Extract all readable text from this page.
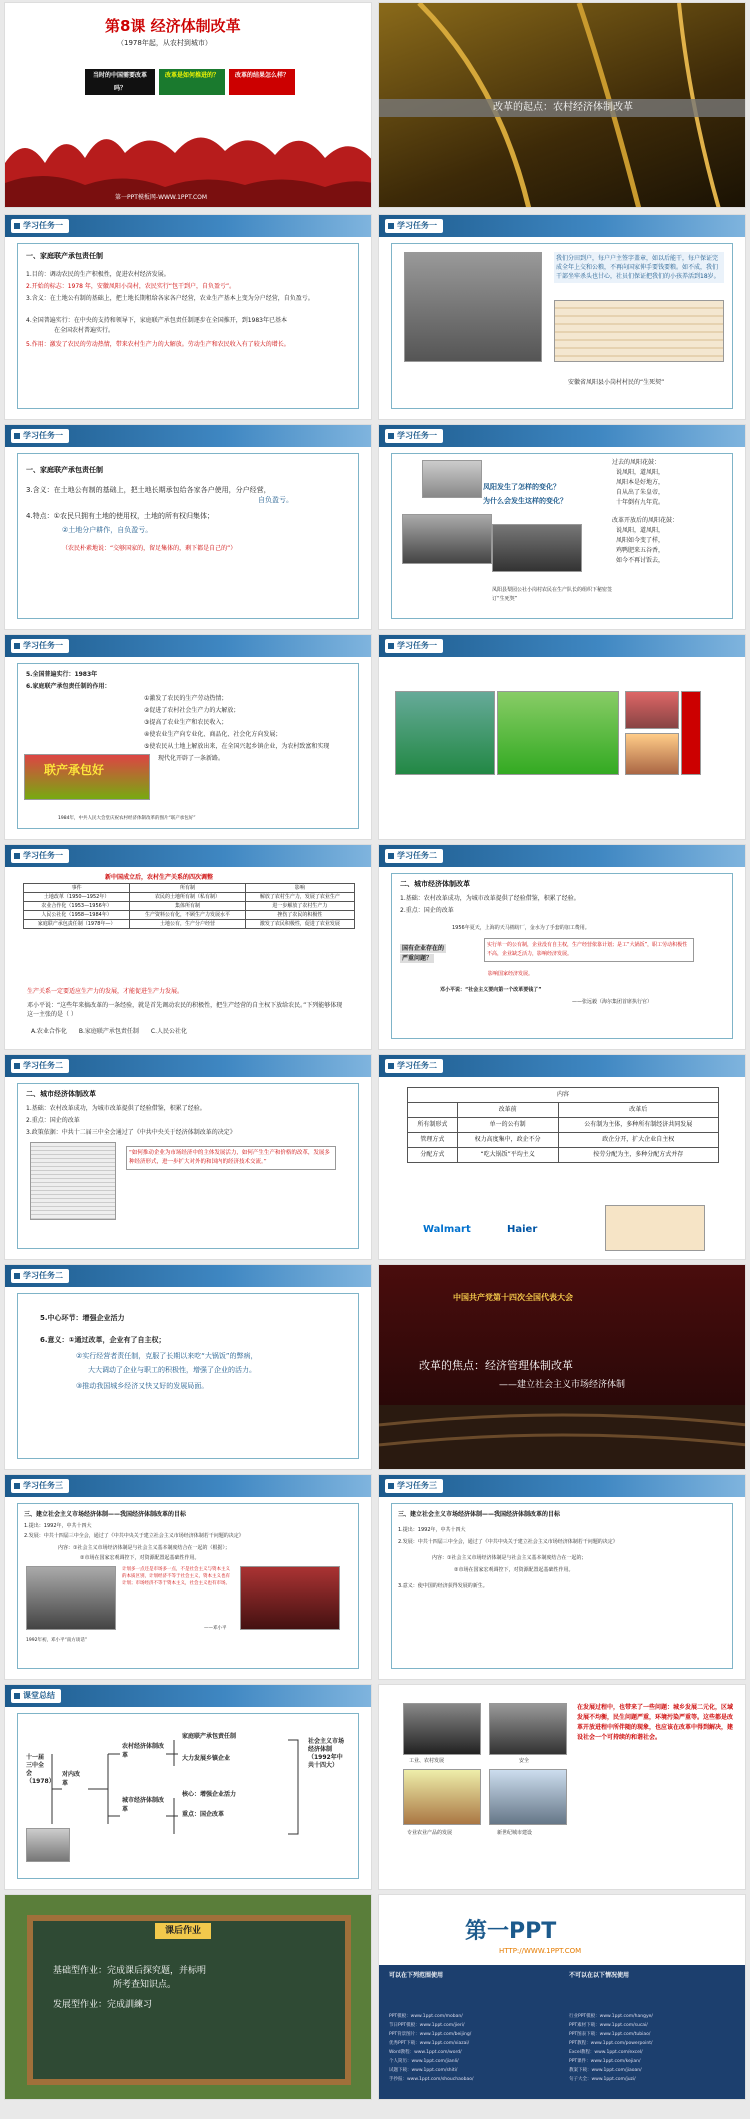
第8课 经济体制改革
（1978年起，从农村到城市）
当时的中国需要改革吗？
改革是如何推进的？	改革的结果怎么样？
第一PPT模板网-WWW.1PPT.COM
改革的起点：农村经济体制改革
学习任务一
一、家庭联产承包责任制
1.目的：调动农民的生产积极性，促进农村经济发展。
2.开始的标志：1978 年，安徽凤阳小岗村，农民实行“包干到户，自负盈亏”。
3.含义：在土地公有制的基础上，把土地长期租给各家各户经营，农业生产基本上变为分户经营，自负盈亏。
4.全国普遍实行：在中央的支持和领导下，家庭联产承包责任制逐步在全国推开，到1983年已基本
在全国农村普遍实行。
5.作用：激发了农民的劳动热情，带来农村生产力的大解放。劳动生产和农民收入有了较大的增长。
学习任务一
我们分田到户，每户户主签字盖章，如以后能干，每户保证完成全年上交和公粮，不再向国家伸手要钱要粮。如不成，我们干部坐牢杀头也甘心，社员们保证把我们的小孩养活到18岁。
安徽省凤阳县小岗村村民的“生死契”
学习任务一
一、家庭联产承包责任制
3.含义：在土地公有制的基础上，把土地长期承包给各家各户使用，分户经营，
自负盈亏。
4.特点：①农民只拥有土地的使用权，土地的所有权归集体；
②土地分户耕作，自负盈亏。
（农民朴素地说：“交够国家的，留足集体的，剩下都是自己的”）
学习任务一
凤阳发生了怎样的变化？
为什么会发生这样的变化？
过去的凤阳花鼓：
说凤阳，道凤阳，
凤阳本是好地方，
自从出了朱皇帝，
十年倒有九年荒。
改革开放后的凤阳花鼓：
说凤阳，道凤阳，
凤阳如今变了样，
鸡鸭肥来五谷香，
如今不再讨饭去，
凤阳县梨园公社小岗村农民在生产队长的组织下秘密签订“生死契”
学习任务一
5.全国普遍实行：1983年
6.家庭联产承包责任制的作用：
①激发了农民的生产劳动热情；
②促进了农村社会生产力的大解放；
③提高了农业生产和农民收入；
④使农业生产向专业化、商品化、社会化方向发展；
⑤使农民从土地上解放出来，在全国兴起乡镇企业，为农村致富和实现
现代化开辟了一条新路。
联产承包好
1984年，中共人民大会堂庆祝农村经济体制改革的图片“联产承包好”
学习任务一
学习任务一
新中国成立后，农村生产关系的四次调整
事件	所有制	影响
土地改革（1950—1952年）	农民的土地所有制（私有制）	解放了农村生产力，发展了农业生产
农业合作化（1953—1956年）	集体所有制	进一步解放了农村生产力
人民公社化（1958—1984年）	生产资料公有化，不顾生产力发展水平	挫伤了农民的积极性
家庭联产承包责任制（1978年—）	土地公有，生产分户经营	激发了农民积极性，促进了农业发展
生产关系一定要适应生产力的发展，才能促进生产力发展。
邓小平说：“这些年来搞改革的一条经验，就是首先调动农民的积极性，把生产经营的自主权下放给农民。”下列能够体现这一主张的是（ ）
A.农业合作化　　B.家庭联产承包责任制　　C.人民公社化
学习任务二
二、城市经济体制改革
1.基础：农村改革成功，为城市改革提供了经验借鉴，积累了经验。
2.重点：国企的改革
1956年夏天，上海的天马棉纺厂，金水为了手套的加工费用。
国有企业存在的
严重问题？
实行单一的公有制，企业没有自主权，生产经营依靠计划；是工“大锅饭”，职工劳动积极性不高，企业缺乏活力，影响经济发展。
影响国家经济发展。
邓小平说：“社会主义要向第一个改革要钱了”
——张远毅（海尔集团首席执行官）
学习任务二
二、城市经济体制改革
1.基础：农村改革成功，为城市改革提供了经验借鉴，积累了经验。
2.重点：国企的改革
3.政策依据：中共十二届三中全会通过了《中共中央关于经济体制改革的决定》
“如何推动企业为市场经济中的主体发展活力，如何产生生产和价格的改革，发展多种经济形式，进一步扩大对外的和国内的经济技术交流。”
学习任务二
内容		
	改革前	改革后
所有制形式	单一的公有制	公有制为主体，多种所有制经济共同发展
管理方式	权力高度集中，政企不分	政企分开，扩大企业自主权
分配方式	“吃大锅饭”平均主义	按劳分配为主，多种分配方式并存
Walmart	Haier
学习任务二
5.中心环节：增强企业活力
6.意义：①通过改革，企业有了自主权；
②实行经营者责任制，克服了长期以来吃“大锅饭”的弊病，
大大调动了企业与职工的积极性，增强了企业的活力。
③推动我国城乡经济又快又好的发展局面。
中国共产党第十四次全国代表大会
改革的焦点：经济管理体制改革
——建立社会主义市场经济体制
学习任务三
三、建立社会主义市场经济体制——我国经济体制改革的目标
1.提出：1992年，中共十四大
2.发展：中共十四届三中全会，通过了《中共中央关于建立社会主义市场经济体制若干问题的决定》
内容：①社会主义市场经济体制是与社会主义基本制度结合在一起的（根据）；
②市场在国家宏观调控下，对资源配置起基础性作用。
计划多一点还是市场多一点，不是社会主义与资本主义的本质区别，计划经济不等于社会主义，资本主义也有计划；市场经济不等于资本主义，社会主义也有市场。
——邓小平
1992年初，邓小平“南方谈话”
学习任务三
三、建立社会主义市场经济体制——我国经济体制改革的目标
1.提出：1992年，中共十四大
2.发展：中共十四届三中全会，通过了《中共中央关于建立社会主义市场经济体制若干问题的决定》
内容：①社会主义市场经济体制是与社会主义基本制度结合在一起的；
②市场在国家宏观调控下，对资源配置起基础性作用。
3.意义：使中国的经济获得发展的新生。
课堂总结
十一届三中全会（1978）
对内改革
农村经济体制改革
城市经济体制改革
家庭联产承包责任制
大力发展乡镇企业
核心：增强企业活力
重点：国企改革
社会主义市场经济体制（1992年中共十四大）
工业、农村发展	安全
专业农业产品的发展	新世纪城市建设
在发展过程中，也带来了一些问题：城乡发展二元化，区域发展不均衡，民生问题严重，环境污染严重等。这些都是改革开放进程中所伴随的现象，也应该在改革中得到解决，建设社会一个可持续的和谐社会。
课后作业
基础型作业：完成课后探究题，并标明
所考查知识点。
发展型作业：完成訓練习
第一PPT
HTTP://WWW.1PPT.COM
可以在下列范围使用	不可以在以下情况使用
PPT模板：www.1ppt.com/moban/
节日PPT模板：www.1ppt.com/jieri/
PPT背景图片：www.1ppt.com/beijing/
优秀PPT下载：www.1ppt.com/xiazai/
Word教程：www.1ppt.com/word/
个人简历：www.1ppt.com/jianli/
试题下载：www.1ppt.com/shiti/
手抄报：www.1ppt.com/shouchaobao/
行业PPT模板：www.1ppt.com/hangye/
PPT素材下载：www.1ppt.com/sucai/
PPT图表下载：www.1ppt.com/tubiao/
PPT教程：www.1ppt.com/powerpoint/
Excel教程：www.1ppt.com/excel/
PPT课件：www.1ppt.com/kejian/
教案下载：www.1ppt.com/jiaoan/
句子大全：www.1ppt.com/juzi/
